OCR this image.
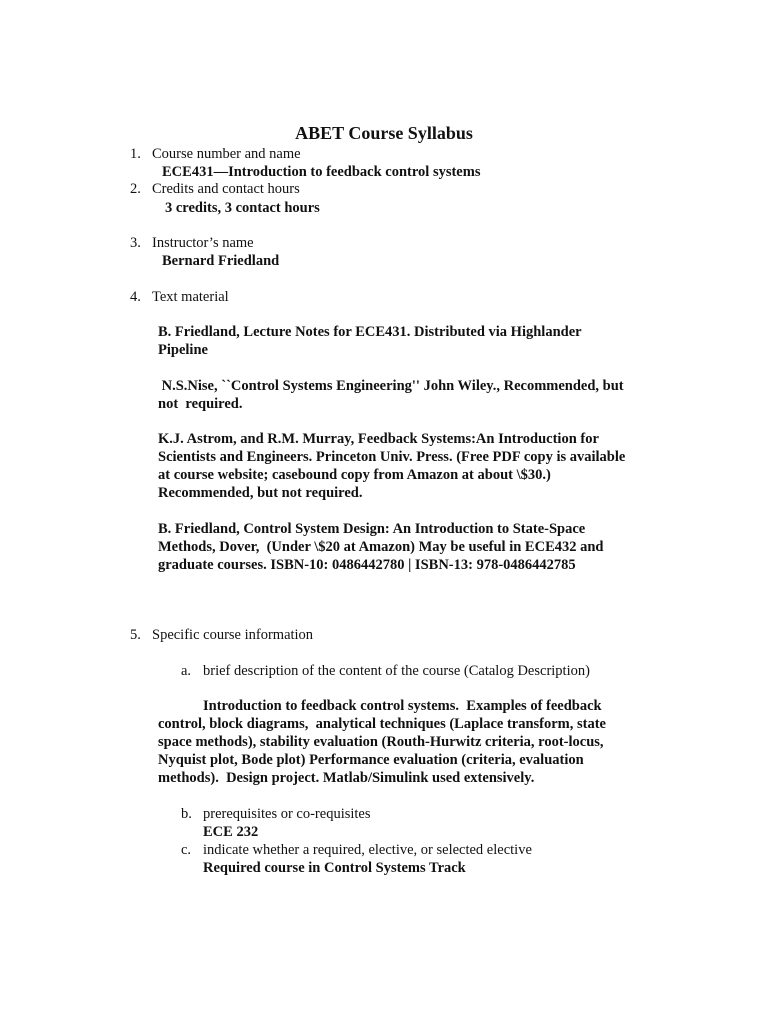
ABET Course Syllabus
1. Course number and name
ECE431—Introduction to feedback control systems
2. Credits and contact hours
3 credits, 3 contact hours
3. Instructor’s name
Bernard Friedland
4. Text material
B. Friedland, Lecture Notes for ECE431. Distributed via Highlander
Pipeline
N.S.Nise, ``Control Systems Engineering'' John Wiley., Recommended, but
not  required.
K.J. Astrom, and R.M. Murray, Feedback Systems:An Introduction for
Scientists and Engineers. Princeton Univ. Press. (Free PDF copy is available
at course website; casebound copy from Amazon at about \$30.)
Recommended, but not required.
B. Friedland, Control System Design: An Introduction to State-Space
Methods, Dover,  (Under \$20 at Amazon) May be useful in ECE432 and
graduate courses. ISBN-10: 0486442780 | ISBN-13: 978-0486442785
5. Specific course information
a. brief description of the content of the course (Catalog Description)
Introduction to feedback control systems.  Examples of feedback
control, block diagrams,  analytical techniques (Laplace transform, state
space methods), stability evaluation (Routh-Hurwitz criteria, root-locus,
Nyquist plot, Bode plot) Performance evaluation (criteria, evaluation
methods).  Design project. Matlab/Simulink used extensively.
b. prerequisites or co-requisites
ECE 232
c. indicate whether a required, elective, or selected elective
Required course in Control Systems Track
